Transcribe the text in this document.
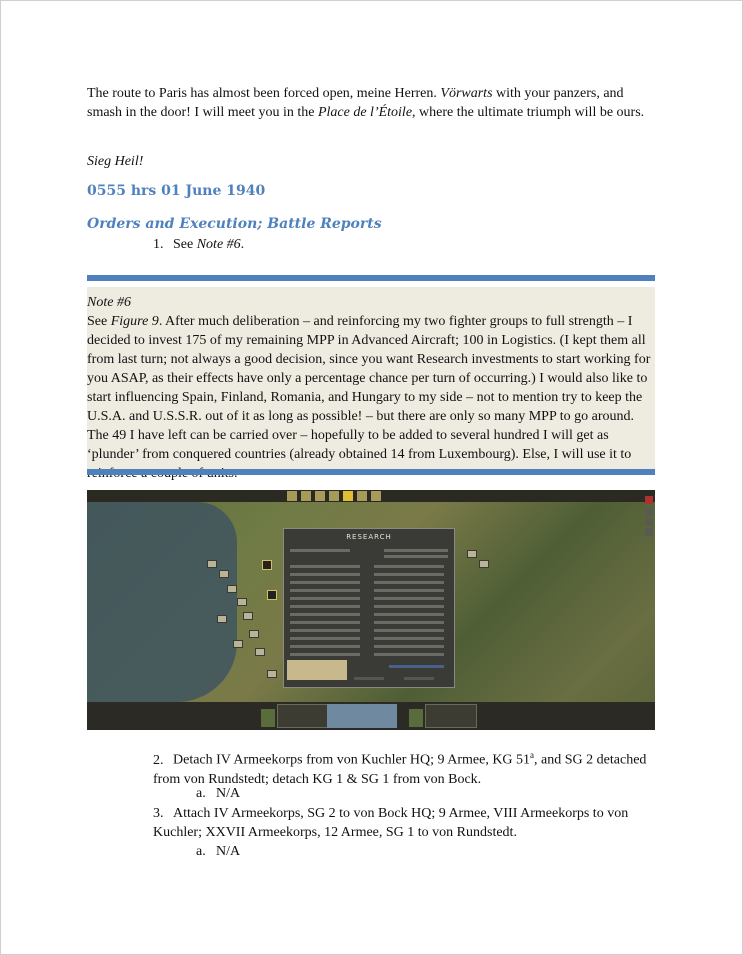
The route to Paris has almost been forced open, meine Herren. Vörwarts with your panzers, and smash in the door! I will meet you in the Place de l’Étoile, where the ultimate triumph will be ours.
Sieg Heil!
0555 hrs 01 June 1940
Orders and Execution; Battle Reports
1. See Note #6.
Note #6
See Figure 9. After much deliberation – and reinforcing my two fighter groups to full strength – I decided to invest 175 of my remaining MPP in Advanced Aircraft; 100 in Logistics. (I kept them all from last turn; not always a good decision, since you want Research investments to start working for you ASAP, as their effects have only a percentage chance per turn of occurring.) I would also like to start influencing Spain, Finland, Romania, and Hungary to my side – not to mention try to keep the U.S.A. and U.S.S.R. out of it as long as possible! – but there are only so many MPP to go around. The 49 I have left can be carried over – hopefully to be added to several hundred I will get as ‘plunder’ from conquered countries (already obtained 14 from Luxembourg). Else, I will use it to
RESEARCH
2. Detach IV Armeekorps from von Kuchler HQ; 9 Armee, KG 51$^a$, and SG 2 detached from von Rundstedt; detach KG 1 & SG 1 from von Bock.
a. N/A
3. Attach IV Armeekorps, SG 2 to von Bock HQ; 9 Armee, VIII Armeekorps to von Kuchler; XXVII Armeekorps, 12 Armee, SG 1 to von Rundstedt.
a. N/A
